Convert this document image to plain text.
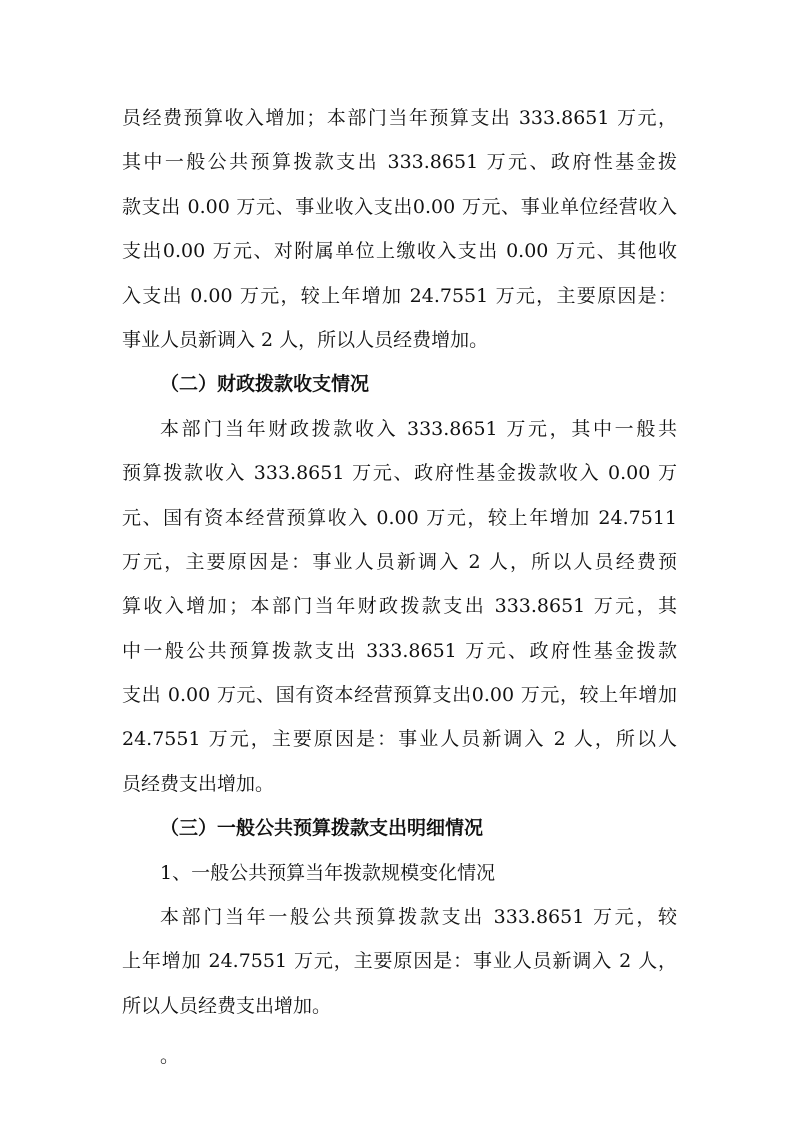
员经费预算收入增加；本部门当年预算支出 333.8651 万元，
其中一般公共预算拨款支出 333.8651 万元、政府性基金拨
款支出 0.00 万元、事业收入支出0.00 万元、事业单位经营收入
支出0.00 万元、对附属单位上缴收入支出 0.00 万元、其他收
入支出 0.00 万元，较上年增加 24.7551 万元，主要原因是：
事业人员新调入 2 人，所以人员经费增加。
（二）财政拨款收支情况
本部门当年财政拨款收入 333.8651 万元，其中一般共
预算拨款收入 333.8651 万元、政府性基金拨款收入 0.00 万
元、国有资本经营预算收入 0.00 万元，较上年增加 24.7511
万元，主要原因是：事业人员新调入 2 人，所以人员经费预
算收入增加；本部门当年财政拨款支出 333.8651 万元，其
中一般公共预算拨款支出 333.8651 万元、政府性基金拨款
支出 0.00 万元、国有资本经营预算支出0.00 万元，较上年增加
24.7551 万元，主要原因是：事业人员新调入 2 人，所以人
员经费支出增加。
（三）一般公共预算拨款支出明细情况
1、一般公共预算当年拨款规模变化情况
本部门当年一般公共预算拨款支出 333.8651 万元，较
上年增加 24.7551 万元，主要原因是：事业人员新调入 2 人，
所以人员经费支出增加。
。
